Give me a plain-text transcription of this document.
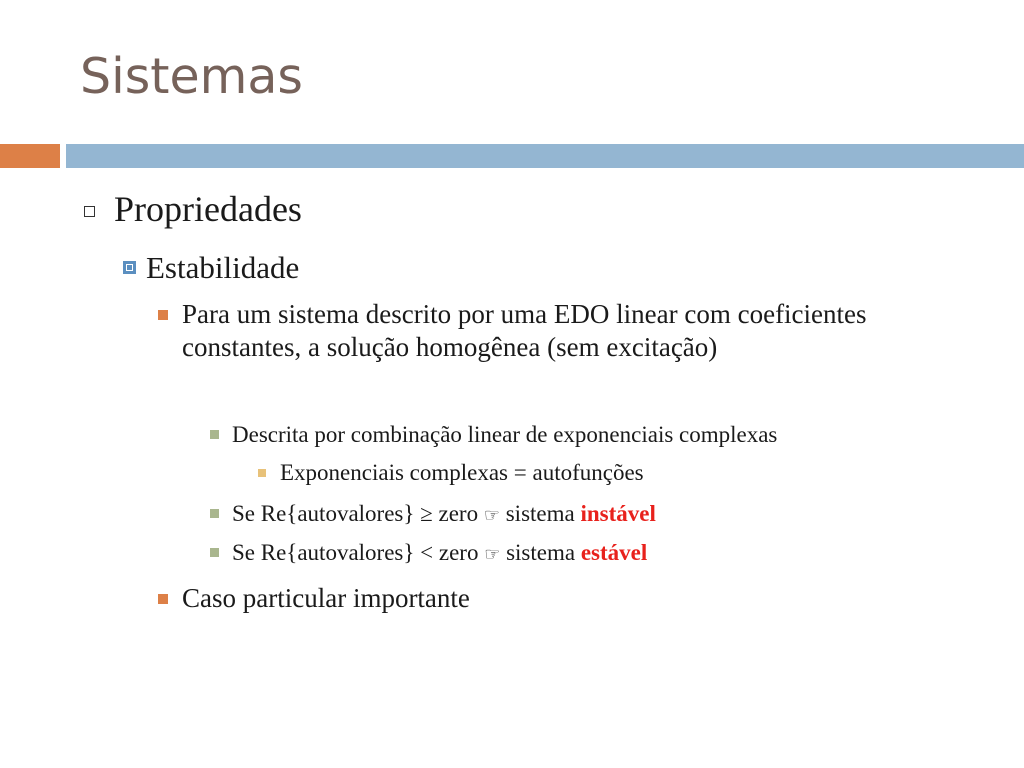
Sistemas
Propriedades
Estabilidade
Para um sistema descrito por uma EDO linear com coeficientes constantes, a solução homogênea (sem excitação)
Descrita por combinação linear de exponenciais complexas
Exponenciais complexas = autofunções
Se Re{autovalores} ≥ zero ☞ sistema instável
Se Re{autovalores} < zero ☞ sistema estável
Caso particular importante
